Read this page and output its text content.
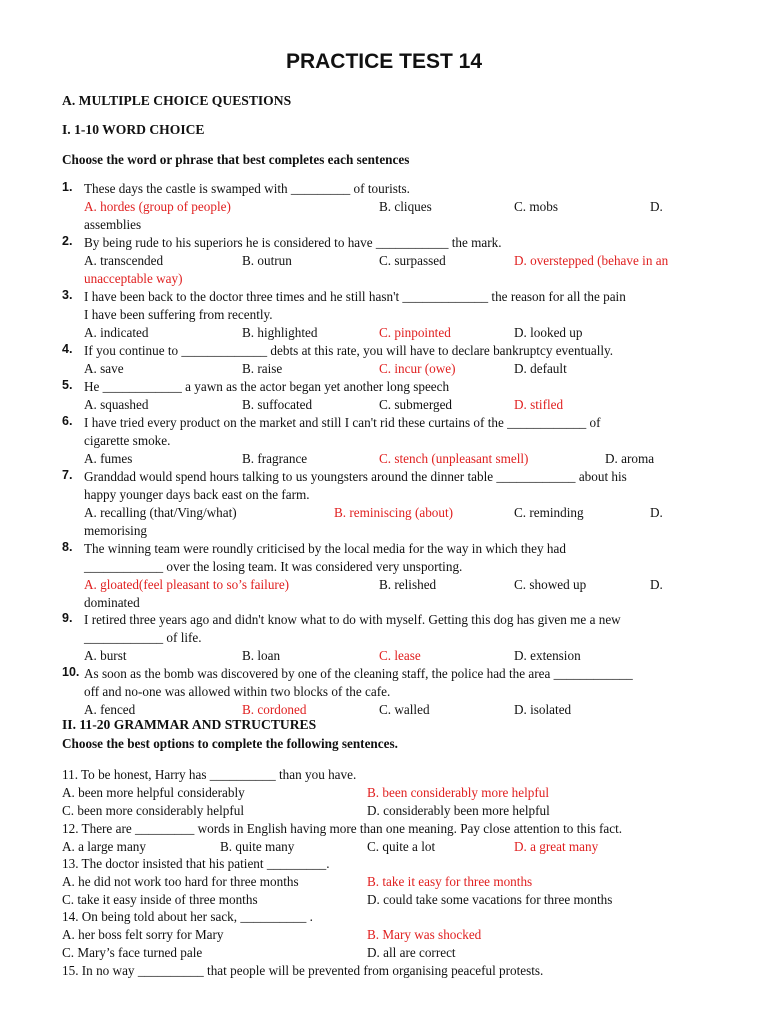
PRACTICE TEST 14
A. MULTIPLE CHOICE QUESTIONS
I. 1-10 WORD CHOICE
Choose the word or phrase that best completes each sentences
1. These days the castle is swamped with _________ of tourists.
A. hordes (group of people)	B. cliques	C. mobs	D.
assemblies
2. By being rude to his superiors he is considered to have ___________ the mark.
A. transcended	B. outrun	C. surpassed	D. overstepped (behave in an
unacceptable way)
3. I have been back to the doctor three times and he still hasn't _____________ the reason for all the pain
I have been suffering from recently.
A. indicated	B. highlighted	C. pinpointed	D. looked up
4. If you continue to _____________ debts at this rate, you will have to declare bankruptcy eventually.
A. save	B. raise	C. incur (owe)	D. default
5. He ____________ a yawn as the actor began yet another long speech
A. squashed	B. suffocated	C. submerged	D. stifled
6. I have tried every product on the market and still I can't rid these curtains of the ____________ of
cigarette smoke.
A. fumes	B. fragrance	C. stench (unpleasant smell)	D. aroma
7. Granddad would spend hours talking to us youngsters around the dinner table ____________ about his
happy younger days back east on the farm.
A. recalling (that/Ving/what)	B. reminiscing (about)	C. reminding	D.
memorising
8. The winning team were roundly criticised by the local media for the way in which they had
____________ over the losing team. It was considered very unsporting.
A. gloated(feel pleasant to so’s failure)	B. relished	C. showed up	D.
dominated
9. I retired three years ago and didn't know what to do with myself. Getting this dog has given me a new
____________ of life.
A. burst	B. loan	C. lease	D. extension
10. As soon as the bomb was discovered by one of the cleaning staff, the police had the area ____________
off and no-one was allowed within two blocks of the cafe.
A. fenced	B. cordoned	C. walled	D. isolated
II. 11-20 GRAMMAR AND STRUCTURES
Choose the best options to complete the following sentences.
11. To be honest, Harry has __________ than you have.
A. been more helpful considerably	B. been considerably more helpful
C. been more considerably helpful	D. considerably been more helpful
12. There are _________ words in English having more than one meaning. Pay close attention to this fact.
A. a large many	B. quite many	C. quite a lot	D. a great many
13. The doctor insisted that his patient _________.
A. he did not work too hard for three months	B. take it easy for three months
C. take it easy inside of three months	D. could take some vacations for three months
14. On being told about her sack, __________ .
A. her boss felt sorry for Mary	B. Mary was shocked
C. Mary’s face turned pale	D. all are correct
15. In no way __________ that people will be prevented from organising peaceful protests.
